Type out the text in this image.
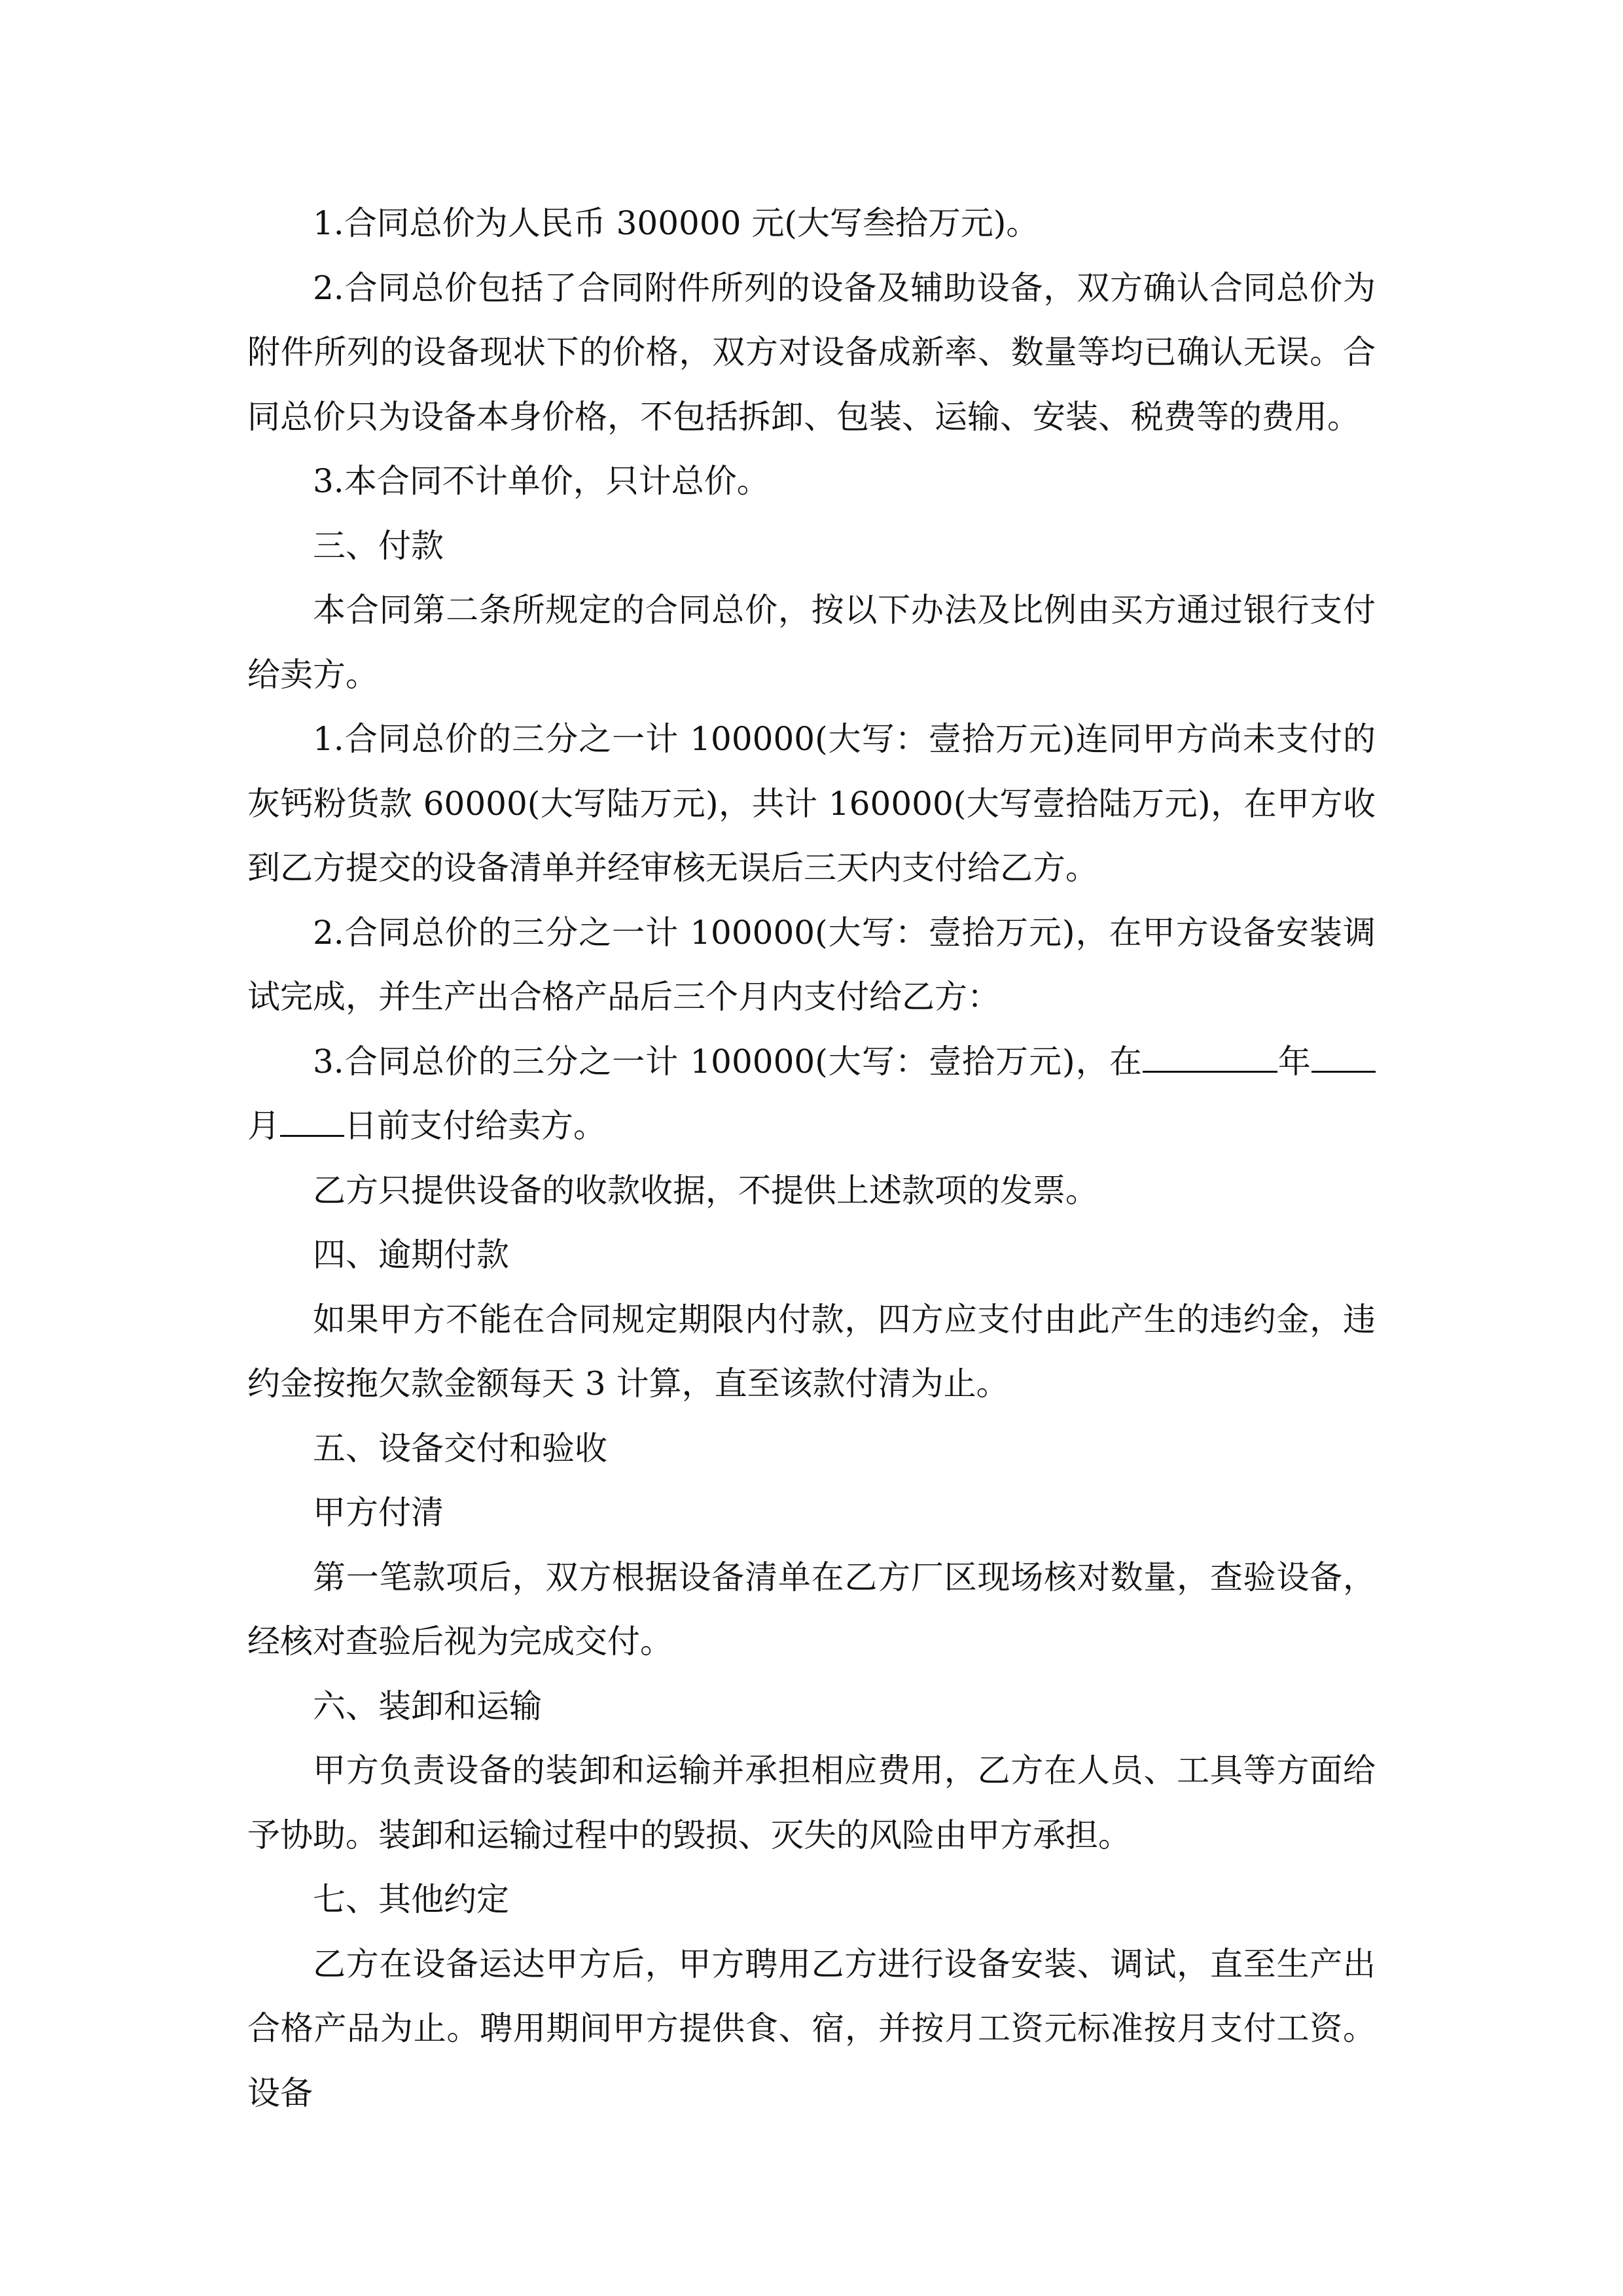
1.合同总价为人民币 300000 元(大写叁拾万元)。

2.合同总价包括了合同附件所列的设备及辅助设备，双方确认合同总价为附件所列的设备现状下的价格，双方对设备成新率、数量等均已确认无误。合同总价只为设备本身价格，不包括拆卸、包装、运输、安装、税费等的费用。

3.本合同不计单价，只计总价。

三、付款

本合同第二条所规定的合同总价，按以下办法及比例由买方通过银行支付给卖方。

1.合同总价的三分之一计 100000(大写：壹拾万元)连同甲方尚未支付的灰钙粉货款 60000(大写陆万元)，共计 160000(大写壹拾陆万元)，在甲方收到乙方提交的设备清单并经审核无误后三天内支付给乙方。

2.合同总价的三分之一计 100000(大写：壹拾万元)，在甲方设备安装调试完成，并生产出合格产品后三个月内支付给乙方：

3.合同总价的三分之一计 100000(大写：壹拾万元)，在	年月 日前支付给卖方。

乙方只提供设备的收款收据，不提供上述款项的发票。

四、逾期付款

如果甲方不能在合同规定期限内付款，四方应支付由此产生的违约金，违约金按拖欠款金额每天 3 计算，直至该款付清为止。

五、设备交付和验收

甲方付清

第一笔款项后，双方根据设备清单在乙方厂区现场核对数量，查验设备，经核对查验后视为完成交付。

六、装卸和运输

甲方负责设备的装卸和运输并承担相应费用，乙方在人员、工具等方面给予协助。装卸和运输过程中的毁损、灭失的风险由甲方承担。

七、其他约定

乙方在设备运达甲方后，甲方聘用乙方进行设备安装、调试，直至生产出合格产品为止。聘用期间甲方提供食、宿，并按月工资元标准按月支付工资。设备
